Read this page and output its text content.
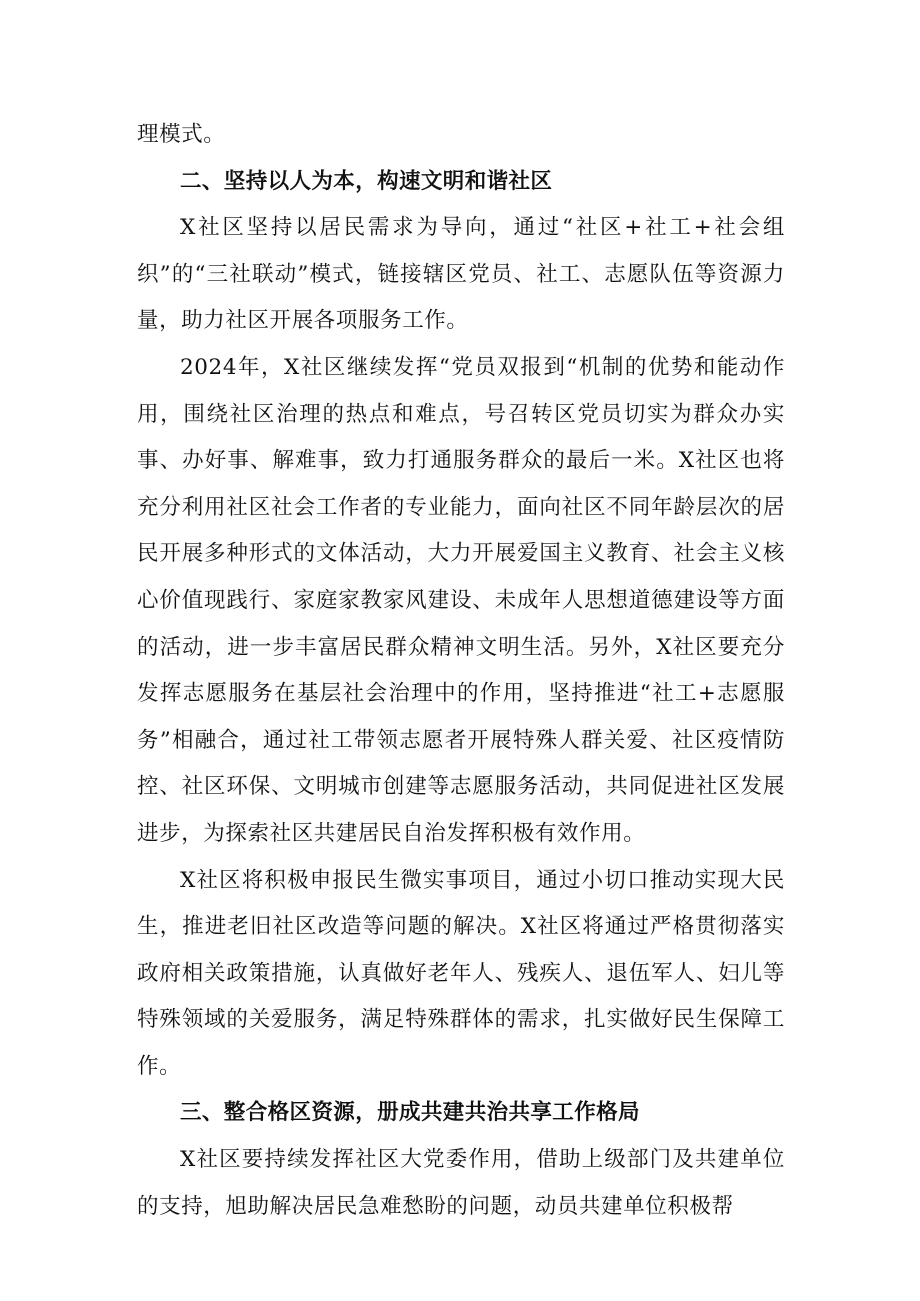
理模式。

二、坚持以人为本，构速文明和谐社区

X社区坚持以居民需求为导向，通过“社区+社工+社会组织”的“三社联动”模式，链接辖区党员、社工、志愿队伍等资源力量，助力社区开展各项服务工作。

2024年，X社区继续发挥“党员双报到“机制的优势和能动作用，围绕社区治理的热点和难点，号召转区党员切实为群众办实事、办好事、解难事，致力打通服务群众的最后一米。X社区也将充分利用社区社会工作者的专业能力，面向社区不同年龄层次的居民开展多种形式的文体活动，大力开展爱国主义教育、社会主义核心价值现践行、家庭家教家风建设、未成年人思想道德建设等方面的活动，进一步丰富居民群众精神文明生活。另外，X社区要充分发挥志愿服务在基层社会治理中的作用，坚持推进“社工+志愿服务”相融合，通过社工带领志愿者开展特殊人群关爱、社区疫情防控、社区环保、文明城市创建等志愿服务活动，共同促进社区发展进步，为探索社区共建居民自治发挥积极有效作用。

X社区将积极申报民生微实事项目，通过小切口推动实现大民生，推进老旧社区改造等问题的解决。X社区将通过严格贯彻落实政府相关政策措施，认真做好老年人、残疾人、退伍军人、妇儿等特殊领域的关爱服务，满足特殊群体的需求，扎实做好民生保障工作。

三、整合格区资源，册成共建共治共享工作格局

X社区要持续发挥社区大党委作用，借助上级部门及共建单位的支持，旭助解决居民急难愁盼的问题，动员共建单位积极帮
